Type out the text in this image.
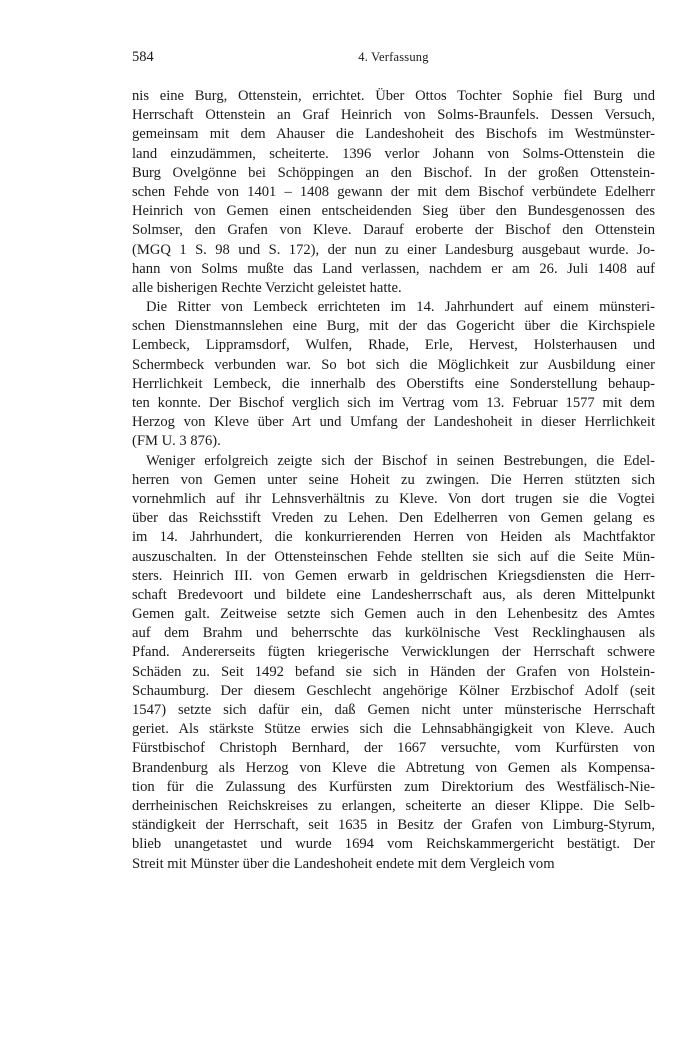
584	4. Verfassung

nis eine Burg, Ottenstein, errichtet. Über Ottos Tochter Sophie fiel Burg und
Herrschaft Ottenstein an Graf Heinrich von Solms-Braunfels. Dessen Versuch,
gemeinsam mit dem Ahauser die Landeshoheit des Bischofs im Westmünster-
land einzudämmen, scheiterte. 1396 verlor Johann von Solms-Ottenstein die
Burg Ovelgönne bei Schöppingen an den Bischof. In der großen Ottenstein-
schen Fehde von 1401 – 1408 gewann der mit dem Bischof verbündete Edelherr
Heinrich von Gemen einen entscheidenden Sieg über den Bundesgenossen des
Solmser, den Grafen von Kleve. Darauf eroberte der Bischof den Ottenstein
(MGQ 1 S. 98 und S. 172), der nun zu einer Landesburg ausgebaut wurde. Jo-
hann von Solms mußte das Land verlassen, nachdem er am 26. Juli 1408 auf
alle bisherigen Rechte Verzicht geleistet hatte.

Die Ritter von Lembeck errichteten im 14. Jahrhundert auf einem münsteri-
schen Dienstmannslehen eine Burg, mit der das Gogericht über die Kirchspiele
Lembeck, Lippramsdorf, Wulfen, Rhade, Erle, Hervest, Holsterhausen und
Schermbeck verbunden war. So bot sich die Möglichkeit zur Ausbildung einer
Herrlichkeit Lembeck, die innerhalb des Oberstifts eine Sonderstellung behaup-
ten konnte. Der Bischof verglich sich im Vertrag vom 13. Februar 1577 mit dem
Herzog von Kleve über Art und Umfang der Landeshoheit in dieser Herrlichkeit
(FM U. 3 876).

Weniger erfolgreich zeigte sich der Bischof in seinen Bestrebungen, die Edel-
herren von Gemen unter seine Hoheit zu zwingen. Die Herren stützten sich
vornehmlich auf ihr Lehnsverhältnis zu Kleve. Von dort trugen sie die Vogtei
über das Reichsstift Vreden zu Lehen. Den Edelherren von Gemen gelang es
im 14. Jahrhundert, die konkurrierenden Herren von Heiden als Machtfaktor
auszuschalten. In der Ottensteinschen Fehde stellten sie sich auf die Seite Mün-
sters. Heinrich III. von Gemen erwarb in geldrischen Kriegsdiensten die Herr-
schaft Bredevoort und bildete eine Landesherrschaft aus, als deren Mittelpunkt
Gemen galt. Zeitweise setzte sich Gemen auch in den Lehenbesitz des Amtes
auf dem Brahm und beherrschte das kurkölnische Vest Recklinghausen als
Pfand. Andererseits fügten kriegerische Verwicklungen der Herrschaft schwere
Schäden zu. Seit 1492 befand sie sich in Händen der Grafen von Holstein-
Schaumburg. Der diesem Geschlecht angehörige Kölner Erzbischof Adolf (seit
1547) setzte sich dafür ein, daß Gemen nicht unter münsterische Herrschaft
geriet. Als stärkste Stütze erwies sich die Lehnsabhängigkeit von Kleve. Auch
Fürstbischof Christoph Bernhard, der 1667 versuchte, vom Kurfürsten von
Brandenburg als Herzog von Kleve die Abtretung von Gemen als Kompensa-
tion für die Zulassung des Kurfürsten zum Direktorium des Westfälisch-Nie-
derrheinischen Reichskreises zu erlangen, scheiterte an dieser Klippe. Die Selb-
ständigkeit der Herrschaft, seit 1635 in Besitz der Grafen von Limburg-Styrum,
blieb unangetastet und wurde 1694 vom Reichskammergericht bestätigt. Der
Streit mit Münster über die Landeshoheit endete mit dem Vergleich vom
